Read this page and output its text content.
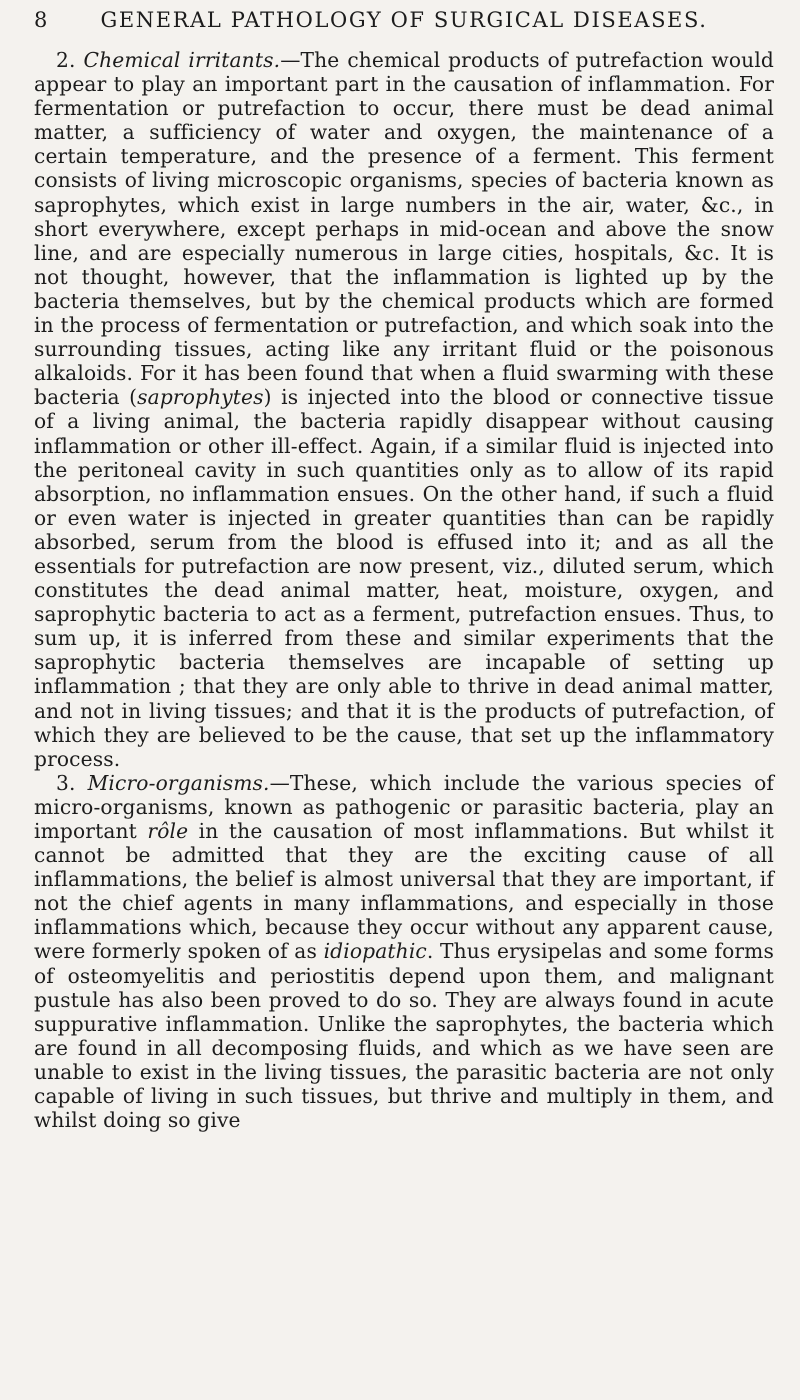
8	GENERAL PATHOLOGY OF SURGICAL DISEASES.

2. Chemical irritants.—The chemical products of putrefaction would appear to play an important part in the causation of inflammation. For fermentation or putrefaction to occur, there must be dead animal matter, a sufficiency of water and oxygen, the maintenance of a certain temperature, and the presence of a ferment. This ferment consists of living microscopic organisms, species of bacteria known as saprophytes, which exist in large numbers in the air, water, &c., in short everywhere, except perhaps in mid-ocean and above the snow line, and are especially numerous in large cities, hospitals, &c. It is not thought, however, that the inflammation is lighted up by the bacteria themselves, but by the chemical products which are formed in the process of fermentation or putrefaction, and which soak into the surrounding tissues, acting like any irritant fluid or the poisonous alkaloids. For it has been found that when a fluid swarming with these bacteria (saprophytes) is injected into the blood or connective tissue of a living animal, the bacteria rapidly disappear without causing inflammation or other ill-effect. Again, if a similar fluid is injected into the peritoneal cavity in such quantities only as to allow of its rapid absorption, no inflammation ensues. On the other hand, if such a fluid or even water is injected in greater quantities than can be rapidly absorbed, serum from the blood is effused into it; and as all the essentials for putrefaction are now present, viz., diluted serum, which constitutes the dead animal matter, heat, moisture, oxygen, and saprophytic bacteria to act as a ferment, putrefaction ensues. Thus, to sum up, it is inferred from these and similar experiments that the saprophytic bacteria themselves are incapable of setting up inflammation ; that they are only able to thrive in dead animal matter, and not in living tissues; and that it is the products of putrefaction, of which they are believed to be the cause, that set up the inflammatory process.

3. Micro-organisms.—These, which include the various species of micro-organisms, known as pathogenic or parasitic bacteria, play an important rôle in the causation of most inflammations. But whilst it cannot be admitted that they are the exciting cause of all inflammations, the belief is almost universal that they are important, if not the chief agents in many inflammations, and especially in those inflammations which, because they occur without any apparent cause, were formerly spoken of as idiopathic. Thus erysipelas and some forms of osteomyelitis and periostitis depend upon them, and malignant pustule has also been proved to do so. They are always found in acute suppurative inflammation. Unlike the saprophytes, the bacteria which are found in all decomposing fluids, and which as we have seen are unable to exist in the living tissues, the parasitic bacteria are not only capable of living in such tissues, but thrive and multiply in them, and whilst doing so give
